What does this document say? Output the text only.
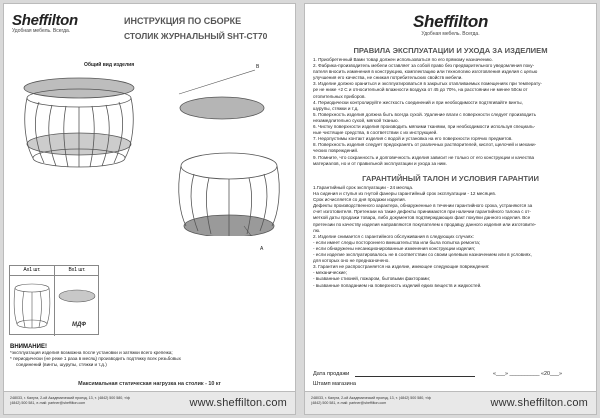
Sheffilton
Удобная мебель. Всегда.
ИНСТРУКЦИЯ ПО СБОРКЕ
СТОЛИК ЖУРНАЛЬНЫЙ SHT-CT70
Общий вид изделия	B
A
Ах1 шт.	Вх1 шт.
МДФ
ВНИМАНИЕ!
*эксплуатация изделия возможна после установки и затяжки всего крепежа;
* периодически (не реже 1 раза в месяц) производить подтяжку всех резьбовых
соединений (винты, шурупы, стяжки и т.д.)
Максимальная статическая нагрузка на столик - 10 кг
248033, г. Калуга, 2-ой Академический проезд, 13, т. (4842) 500 580, т/ф (4842) 500 581, e-mail: partner@sheffilton.com	www.sheffilton.com
Sheffilton
Удобная мебель. Всегда.
ПРАВИЛА ЭКСПЛУАТАЦИИ И УХОДА ЗА ИЗДЕЛИЕМ
1. Приобретенный Вами товар должен использоваться по его прямому назначению.
2. Фабрика-производитель мебели оставляет за собой право без предварительного уведомления поку-
пателя вносить изменения в конструкцию, комплектацию или технологию изготовления изделия с целью
улучшения его качества, не снижая потребительских свойств мебели.
3. Изделие должно храниться и эксплуатироваться в закрытых отапливаемых помещениях при температу-
ре не ниже +2 С и относительной влажности воздуха от 45 до 70%, на расстоянии не менее 50см от
отопительных приборов.
4. Периодически контролируйте жесткость соединений и при необходимости подтягивайте винты,
шурупы, стяжки и т.д.
5. Поверхность изделия должна быть всегда сухой. Удаление влаги с поверхности следует производить
незамедлительно сухой, мягкой тканью.
6. Чистку поверхности изделия производить мягкими тканями, при необходимости используя специаль-
ные чистящие средства, в соответствии с их инструкцией.
7. Недопустимы контакт изделия с водой и установка на его поверхности горячих предметов.
8. Поверхность изделия следует предохранять от различных растворителей, кислот, щелочей и механи-
ческих повреждений.
9. Помните, что сохранность и долговечность изделия зависит не только от его конструкции и качества
материалов, но и от правильной эксплуатации и ухода за ним.
ГАРАНТИЙНЫЙ ТАЛОН И УСЛОВИЯ ГАРАНТИИ
1.Гарантийный срок эксплуатации - 24 месяца.
На сидения и стулья из гнутой фанеры гарантийный срок эксплуатации - 12 месяцев.
Срок исчисляется со дня продажи изделия.
Дефекты производственного характера, обнаруженные в течении гарантийного срока, устраняются за
счет изготовителя. Претензии на такие дефекты принимаются при наличии гарантийного талона с от-
меткой даты продажи товара, либо документов подтверждающих факт покупки данного изделия. Все
претензии по качеству изделия направляются покупателем к продавцу данного изделия или изготовите-
лю.
2. Изделие снимается с гарантийного обслуживания в следующих случаях:
- если имеет следы постороннего вмешательства или была попытка ремонта;
- если обнаружены несанкционированные изменения конструкции изделия;
- если изделие эксплуатировалось не в соответствии со своим целевым назначением или в условиях,
для которых оно не предназначено.
3. Гарантия не распространяется на изделие, имеющее следующие повреждения:
- механические;
- вызванные стихией, пожаром, бытовыми факторами;
- вызванные попаданием на поверхность изделий едких веществ и жидкостей.
Дата продажи	«___» __________ «20___»
Штамп магазина
248033, г. Калуга, 2-ой Академический проезд, 13, т. (4842) 500 580, т/ф (4842) 500 581, e-mail: partner@sheffilton.com	www.sheffilton.com
